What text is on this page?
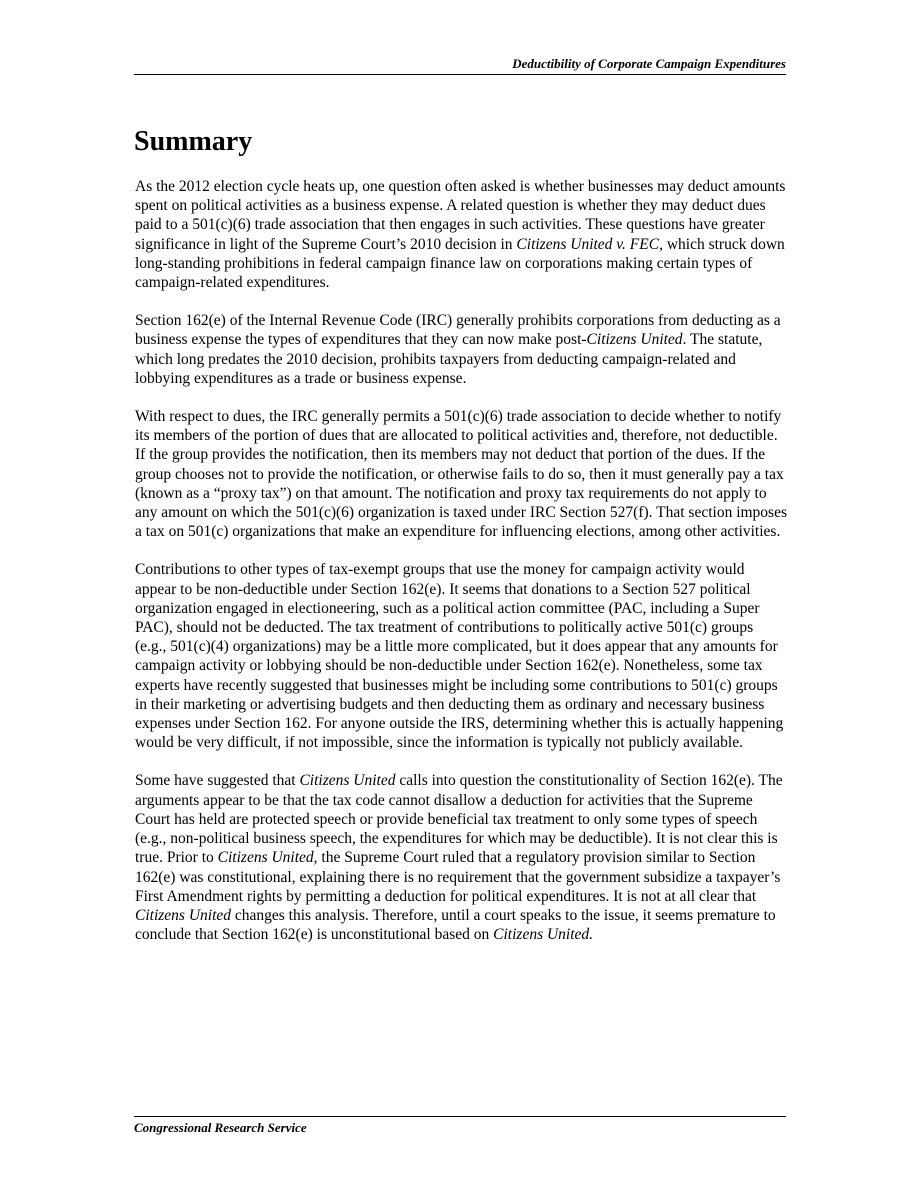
Deductibility of Corporate Campaign Expenditures
Summary

As the 2012 election cycle heats up, one question often asked is whether businesses may deduct amounts spent on political activities as a business expense. A related question is whether they may deduct dues paid to a 501(c)(6) trade association that then engages in such activities. These questions have greater significance in light of the Supreme Court’s 2010 decision in Citizens United v. FEC, which struck down long-standing prohibitions in federal campaign finance law on corporations making certain types of campaign-related expenditures.

Section 162(e) of the Internal Revenue Code (IRC) generally prohibits corporations from deducting as a business expense the types of expenditures that they can now make post-Citizens United. The statute, which long predates the 2010 decision, prohibits taxpayers from deducting campaign-related and lobbying expenditures as a trade or business expense.

With respect to dues, the IRC generally permits a 501(c)(6) trade association to decide whether to notify its members of the portion of dues that are allocated to political activities and, therefore, not deductible. If the group provides the notification, then its members may not deduct that portion of the dues. If the group chooses not to provide the notification, or otherwise fails to do so, then it must generally pay a tax (known as a “proxy tax”) on that amount. The notification and proxy tax requirements do not apply to any amount on which the 501(c)(6) organization is taxed under IRC Section 527(f). That section imposes a tax on 501(c) organizations that make an expenditure for influencing elections, among other activities.

Contributions to other types of tax-exempt groups that use the money for campaign activity would appear to be non-deductible under Section 162(e). It seems that donations to a Section 527 political organization engaged in electioneering, such as a political action committee (PAC, including a Super PAC), should not be deducted. The tax treatment of contributions to politically active 501(c) groups (e.g., 501(c)(4) organizations) may be a little more complicated, but it does appear that any amounts for campaign activity or lobbying should be non-deductible under Section 162(e). Nonetheless, some tax experts have recently suggested that businesses might be including some contributions to 501(c) groups in their marketing or advertising budgets and then deducting them as ordinary and necessary business expenses under Section 162. For anyone outside the IRS, determining whether this is actually happening would be very difficult, if not impossible, since the information is typically not publicly available.

Some have suggested that Citizens United calls into question the constitutionality of Section 162(e). The arguments appear to be that the tax code cannot disallow a deduction for activities that the Supreme Court has held are protected speech or provide beneficial tax treatment to only some types of speech (e.g., non-political business speech, the expenditures for which may be deductible). It is not clear this is true. Prior to Citizens United, the Supreme Court ruled that a regulatory provision similar to Section 162(e) was constitutional, explaining there is no requirement that the government subsidize a taxpayer’s First Amendment rights by permitting a deduction for political expenditures. It is not at all clear that Citizens United changes this analysis. Therefore, until a court speaks to the issue, it seems premature to conclude that Section 162(e) is unconstitutional based on Citizens United.

Congressional Research Service
